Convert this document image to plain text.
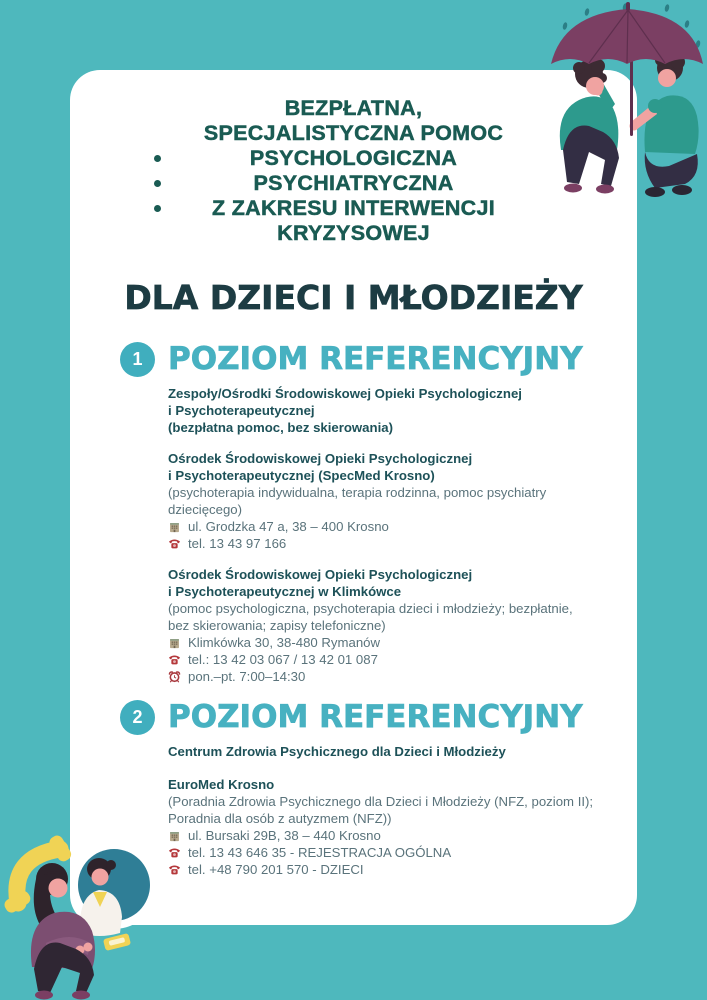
BEZPŁATNA,
SPECJALISTYCZNA POMOC
PSYCHOLOGICZNA
PSYCHIATRYCZNA
Z ZAKRESU INTERWENCJI KRYZYSOWEJ
DLA DZIECI I MŁODZIEŻY
1 POZIOM REFERENCYJNY
Zespoły/Ośrodki Środowiskowej Opieki Psychologicznej
i Psychoterapeutycznej
(bezpłatna pomoc, bez skierowania)
Ośrodek Środowiskowej Opieki Psychologicznej
i Psychoterapeutycznej (SpecMed Krosno)
(psychoterapia indywidualna, terapia rodzinna, pomoc psychiatry
dziecięcego)
ul. Grodzka 47 a, 38 – 400 Krosno
tel. 13 43 97 166
Ośrodek Środowiskowej Opieki Psychologicznej
i Psychoterapeutycznej w Klimkówce
(pomoc psychologiczna, psychoterapia dzieci i młodzieży; bezpłatnie,
bez skierowania; zapisy telefoniczne)
Klimkówka 30, 38-480 Rymanów
tel.: 13 42 03 067 / 13 42 01 087
pon.–pt. 7:00–14:30
2 POZIOM REFERENCYJNY
Centrum Zdrowia Psychicznego dla Dzieci i Młodzieży
EuroMed Krosno
(Poradnia Zdrowia Psychicznego dla Dzieci i Młodzieży (NFZ, poziom II);
Poradnia dla osób z autyzmem (NFZ))
ul. Bursaki 29B, 38 – 440 Krosno
tel. 13 43 646 35 - REJESTRACJA OGÓLNA
tel. +48 790 201 570 - DZIECI
